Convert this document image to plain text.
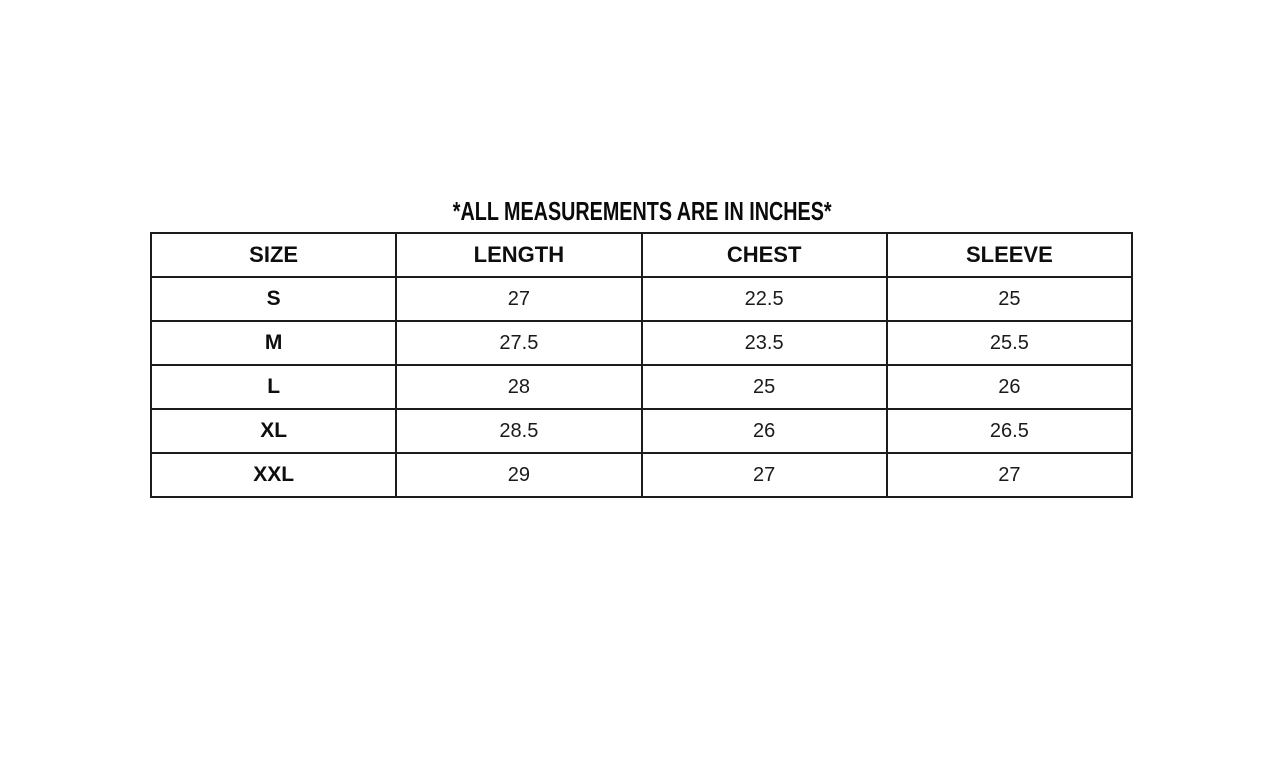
*ALL MEASUREMENTS ARE IN INCHES*
SIZE	LENGTH	CHEST	SLEEVE
S	27	22.5	25
M	27.5	23.5	25.5
L	28	25	26
XL	28.5	26	26.5
XXL	29	27	27
